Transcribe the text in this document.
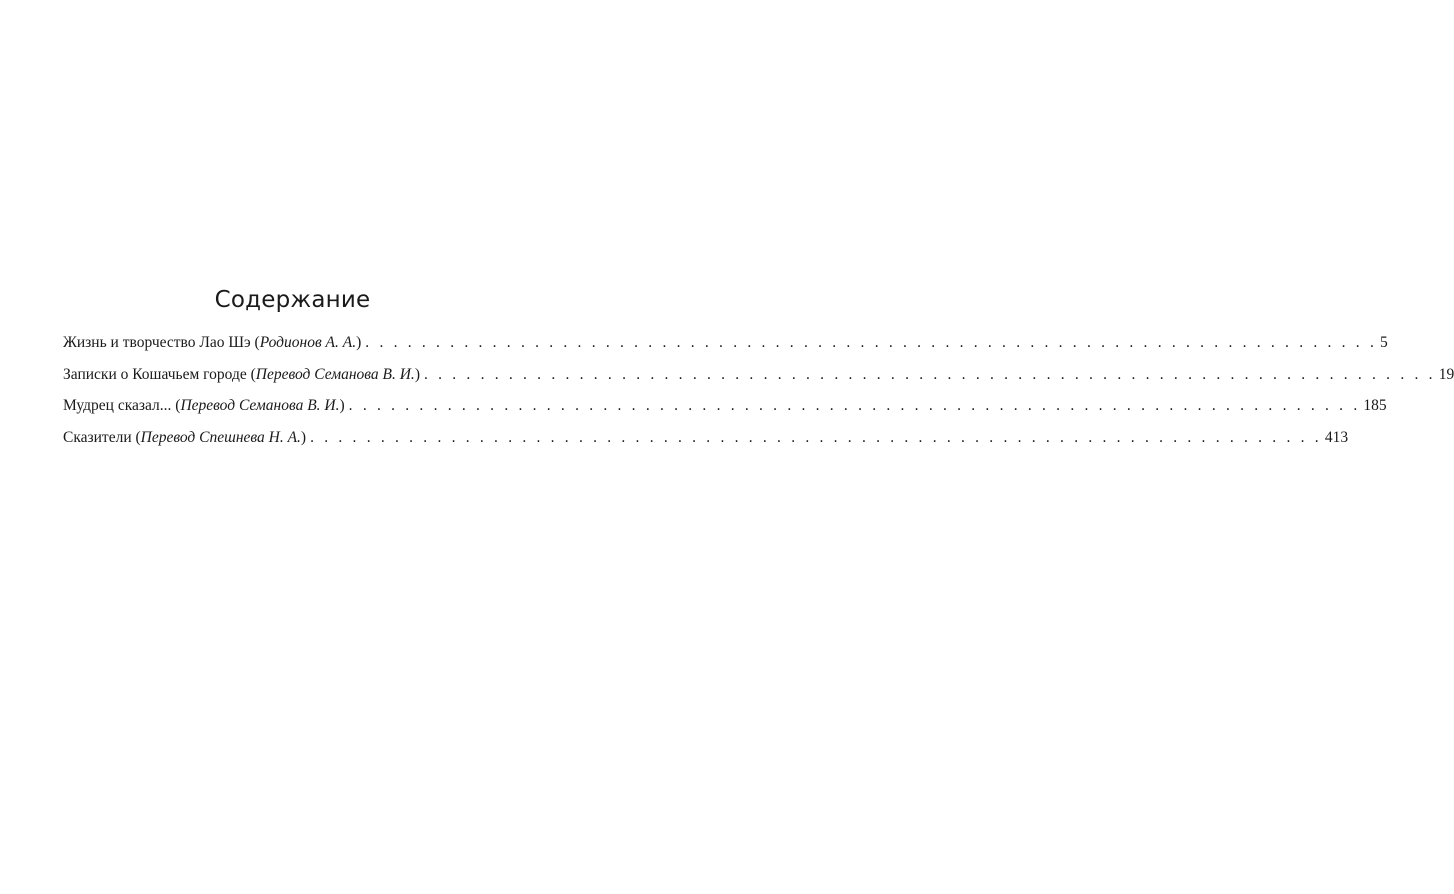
Содержание
Жизнь и творчество Лао Шэ (Родионов А. А.) . . . . . . . . . . . . . . . . . . . . . . . . . . . . . . . . . . . . . . . . . . . . . . . . . . . . . . . . . . . . . . . . . . . . . . . . 5
Записки о Кошачьем городе (Перевод Семанова В. И.) . . . . . . . . . . . . . . . . . . . . . . . . . . . . . . . . . . . . . . . . . . . . . . . . . . . . . . . . . . . . . . . . . . . . . . . . 19
Мудрец сказал... (Перевод Семанова В. И.) . . . . . . . . . . . . . . . . . . . . . . . . . . . . . . . . . . . . . . . . . . . . . . . . . . . . . . . . . . . . . . . . . . . . . . . . 185
Сказители (Перевод Спешнева Н. А.) . . . . . . . . . . . . . . . . . . . . . . . . . . . . . . . . . . . . . . . . . . . . . . . . . . . . . . . . . . . . . . . . . . . . . . . . 413
